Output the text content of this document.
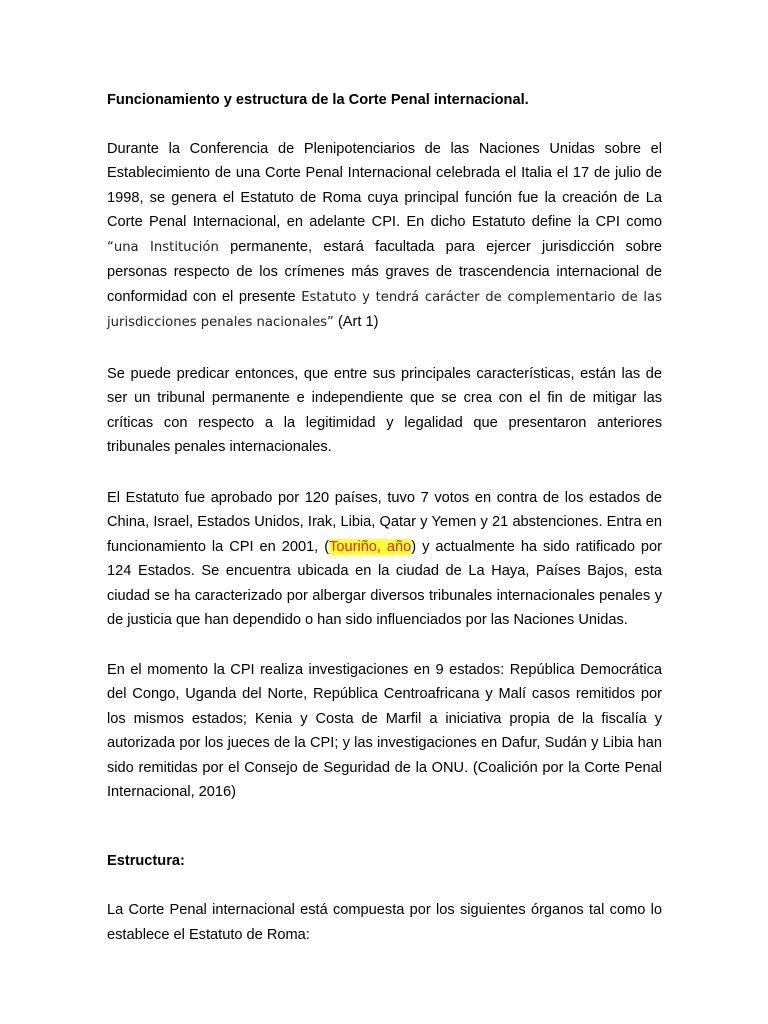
Funcionamiento y estructura de la Corte Penal internacional.

Durante la Conferencia de Plenipotenciarios de las Naciones Unidas sobre el Establecimiento de una Corte Penal Internacional celebrada el Italia el 17 de julio de 1998, se genera el Estatuto de Roma cuya principal función fue la creación de La Corte Penal Internacional, en adelante CPI. En dicho Estatuto define la CPI como “una Institución permanente, estará facultada para ejercer jurisdicción sobre personas respecto de los crímenes más graves de trascendencia internacional de conformidad con el presente Estatuto y tendrá carácter de complementario de las jurisdicciones penales nacionales” (Art 1)

Se puede predicar entonces, que entre sus principales características, están las de ser un tribunal permanente e independiente que se crea con el fin de mitigar las críticas con respecto a la legitimidad y legalidad que presentaron anteriores tribunales penales internacionales.

El Estatuto fue aprobado por 120 países, tuvo 7 votos en contra de los estados de China, Israel, Estados Unidos, Irak, Libia, Qatar y Yemen y 21 abstenciones. Entra en funcionamiento la CPI en 2001, (Touriño, año) y actualmente ha sido ratificado por 124 Estados. Se encuentra ubicada en la ciudad de La Haya, Países Bajos, esta ciudad se ha caracterizado por albergar diversos tribunales internacionales penales y de justicia que han dependido o han sido influenciados por las Naciones Unidas.

En el momento la CPI realiza investigaciones en 9 estados: República Democrática del Congo, Uganda del Norte, República Centroafricana y Malí casos remitidos por los mismos estados; Kenia y Costa de Marfil a iniciativa propia de la fiscalía y autorizada por los jueces de la CPI; y las investigaciones en Dafur, Sudán y Libia han sido remitidas por el Consejo de Seguridad de la ONU. (Coalición por la Corte Penal Internacional, 2016)

Estructura:

La Corte Penal internacional está compuesta por los siguientes órganos tal como lo establece el Estatuto de Roma:
